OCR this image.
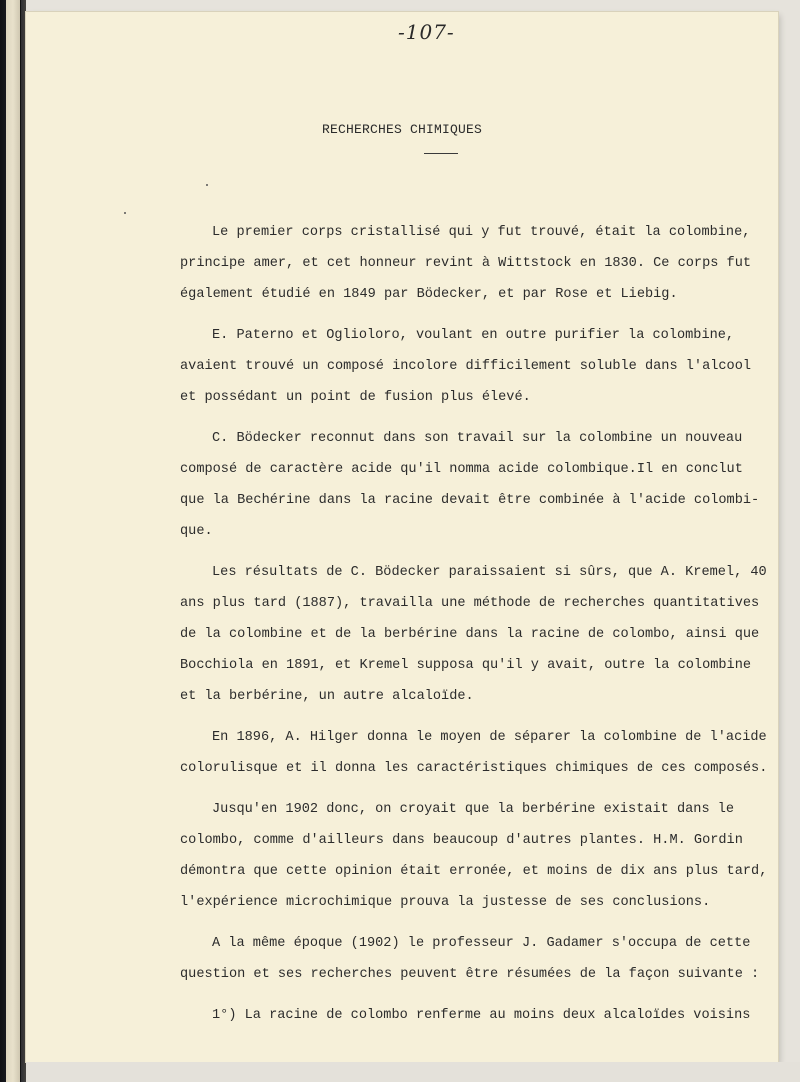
-107-
RECHERCHES CHIMIQUES

Le premier corps cristallisé qui y fut trouvé, était la colombine,
principe amer, et cet honneur revint à Wittstock en 1830. Ce corps fut
également étudié en 1849 par Bödecker, et par Rose et Liebig.

E. Paterno et Oglioloro, voulant en outre purifier la colombine,
avaient trouvé un composé incolore difficilement soluble dans l'alcool
et possédant un point de fusion plus élevé.

C. Bödecker reconnut dans son travail sur la colombine un nouveau
composé de caractère acide qu'il nomma acide colombique.Il en conclut
que la Bechérine dans la racine devait être combinée à l'acide colombi-
que.

Les résultats de C. Bödecker paraissaient si sûrs, que A. Kremel, 40
ans plus tard (1887), travailla une méthode de recherches quantitatives
de la colombine et de la berbérine dans la racine de colombo, ainsi que
Bocchiola en 1891, et Kremel supposa qu'il y avait, outre la colombine
et la berbérine, un autre alcaloïde.

En 1896, A. Hilger donna le moyen de séparer la colombine de l'acide
colorulisque et il donna les caractéristiques chimiques de ces composés.

Jusqu'en 1902 donc, on croyait que la berbérine existait dans le
colombo, comme d'ailleurs dans beaucoup d'autres plantes. H.M. Gordin
démontra que cette opinion était erronée, et moins de dix ans plus tard,
l'expérience microchimique prouva la justesse de ses conclusions.

A la même époque (1902) le professeur J. Gadamer s'occupa de cette
question et ses recherches peuvent être résumées de la façon suivante :

1°) La racine de colombo renferme au moins deux alcaloïdes voisins
